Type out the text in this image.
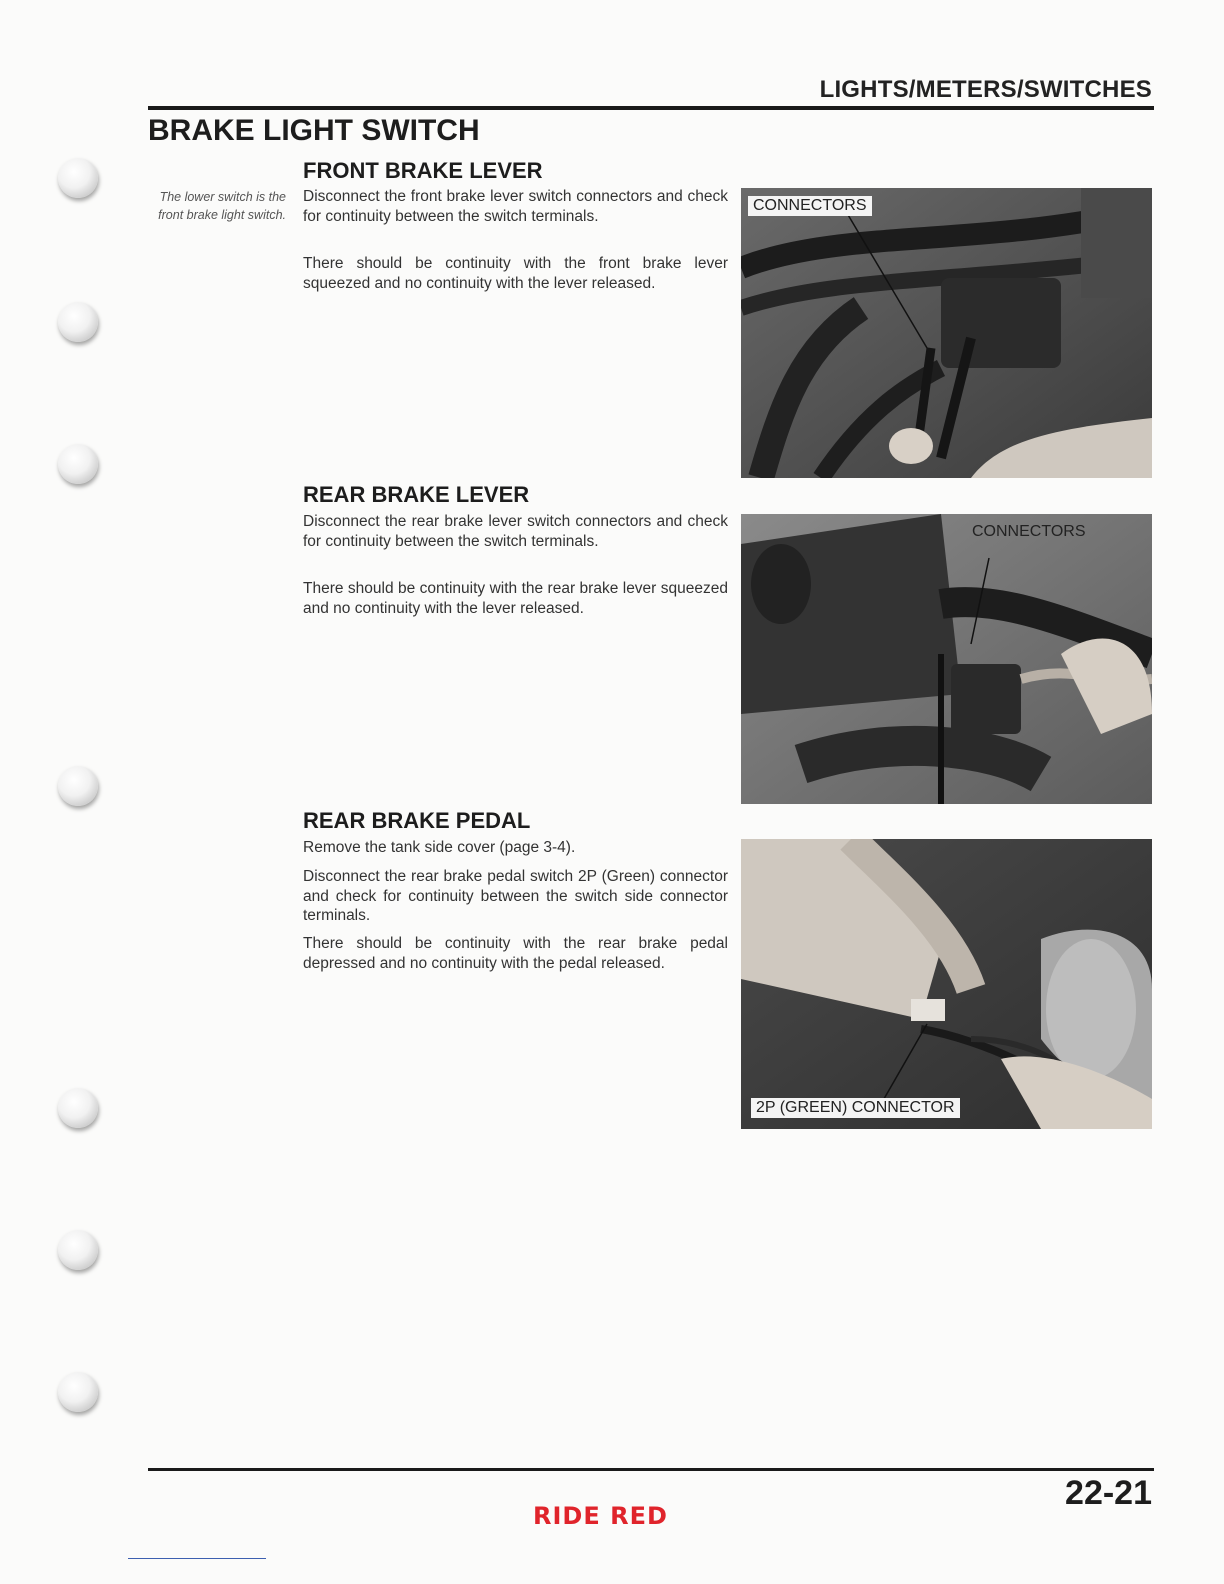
LIGHTS/METERS/SWITCHES
BRAKE LIGHT SWITCH
FRONT BRAKE LEVER

The lower switch is the front brake light switch.

Disconnect the front brake lever switch connectors and check for continuity between the switch terminals.

There should be continuity with the front brake lever squeezed and no continuity with the lever released.

CONNECTORS
REAR BRAKE LEVER

Disconnect the rear brake lever switch connectors and check for continuity between the switch terminals.

There should be continuity with the rear brake lever squeezed and no continuity with the lever released.

CONNECTORS
REAR BRAKE PEDAL

Remove the tank side cover (page 3-4).

Disconnect the rear brake pedal switch 2P (Green) connector and check for continuity between the switch side connector terminals.

There should be continuity with the rear brake pedal depressed and no continuity with the pedal released.

2P (GREEN) CONNECTOR
22-21
RIDE RED
